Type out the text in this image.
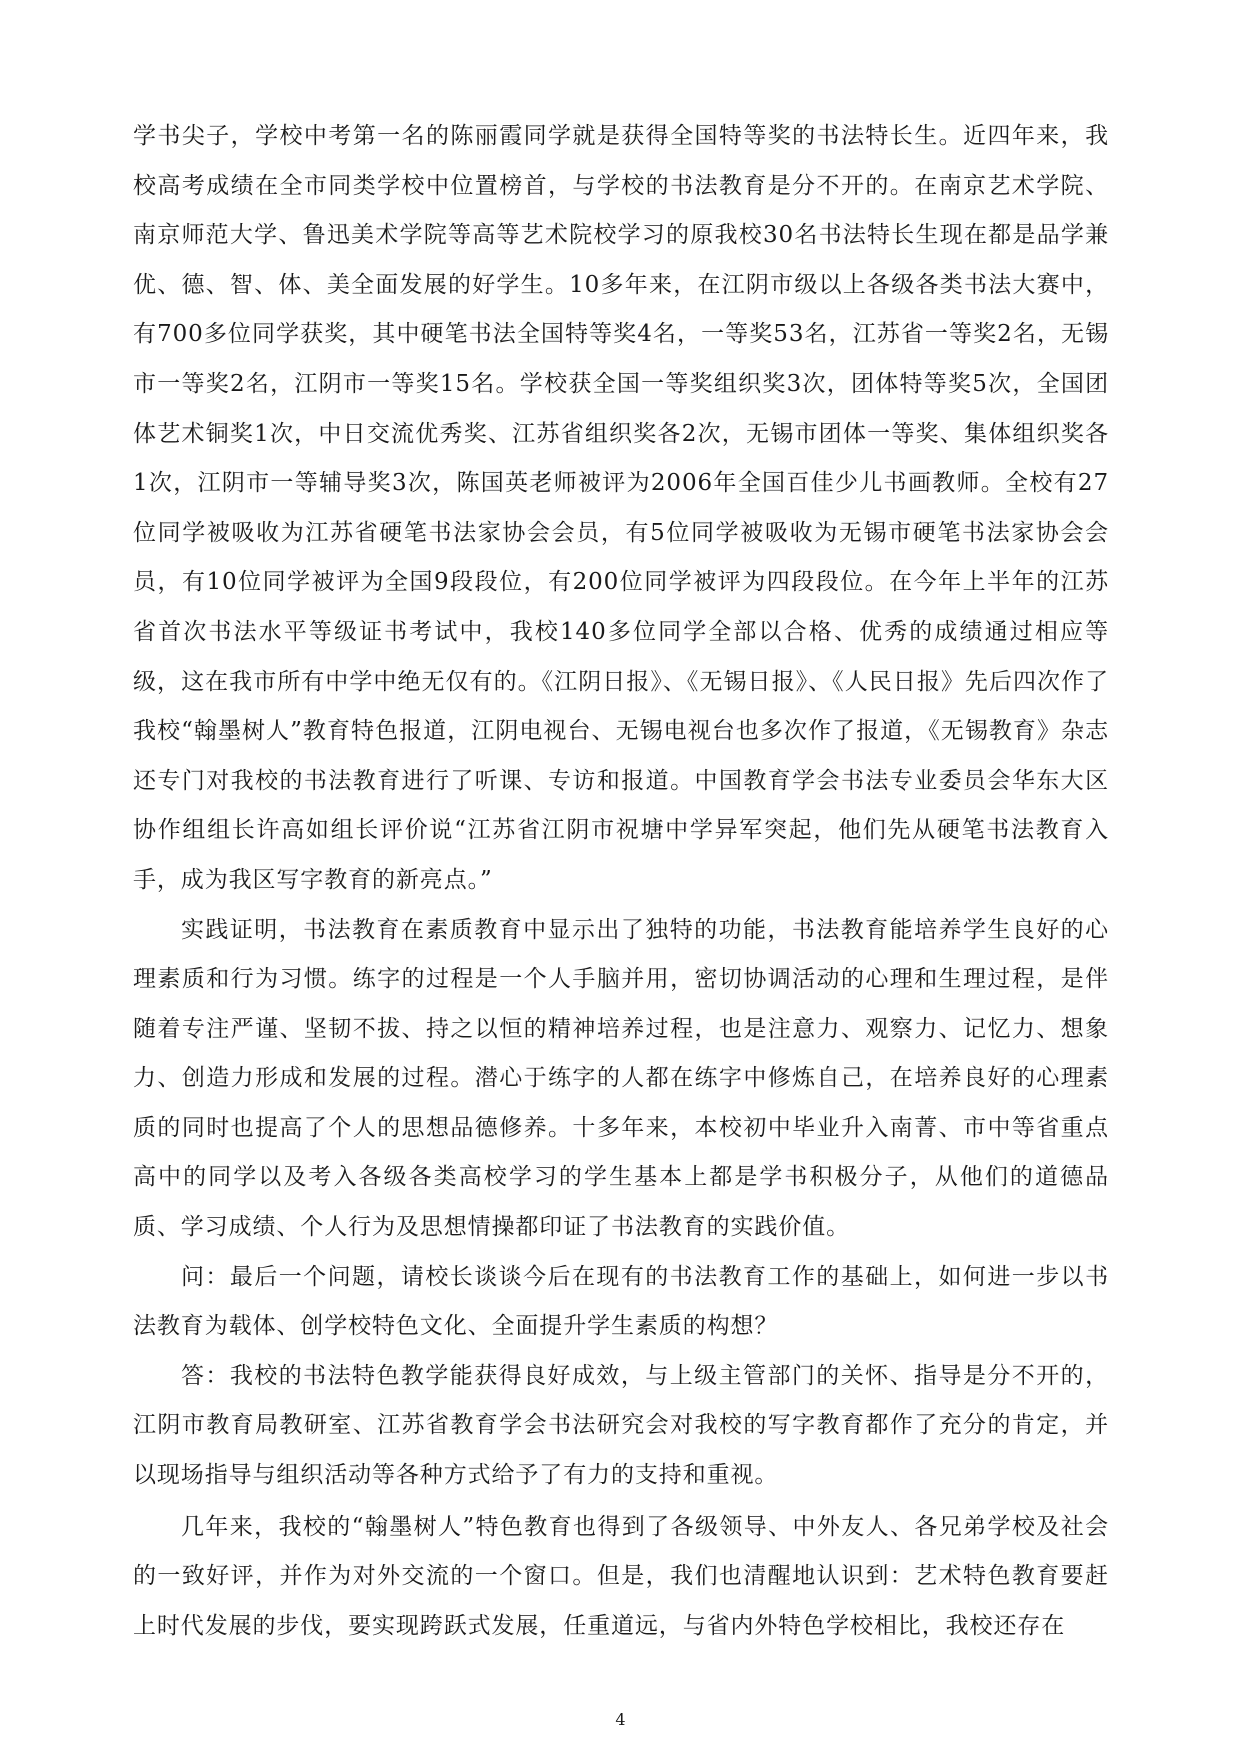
学书尖子，学校中考第一名的陈丽霞同学就是获得全国特等奖的书法特长生。近四年来，我校高考成绩在全市同类学校中位置榜首，与学校的书法教育是分不开的。在南京艺术学院、南京师范大学、鲁迅美术学院等高等艺术院校学习的原我校30名书法特长生现在都是品学兼优、德、智、体、美全面发展的好学生。10多年来，在江阴市级以上各级各类书法大赛中，有700多位同学获奖，其中硬笔书法全国特等奖4名，一等奖53名，江苏省一等奖2名，无锡市一等奖2名，江阴市一等奖15名。学校获全国一等奖组织奖3次，团体特等奖5次，全国团体艺术铜奖1次，中日交流优秀奖、江苏省组织奖各2次，无锡市团体一等奖、集体组织奖各1次，江阴市一等辅导奖3次，陈国英老师被评为2006年全国百佳少儿书画教师。全校有27位同学被吸收为江苏省硬笔书法家协会会员，有5位同学被吸收为无锡市硬笔书法家协会会员，有10位同学被评为全国9段段位，有200位同学被评为四段段位。在今年上半年的江苏省首次书法水平等级证书考试中，我校140多位同学全部以合格、优秀的成绩通过相应等级，这在我市所有中学中绝无仅有的。《江阴日报》、《无锡日报》、《人民日报》先后四次作了我校“翰墨树人”教育特色报道，江阴电视台、无锡电视台也多次作了报道，《无锡教育》杂志还专门对我校的书法教育进行了听课、专访和报道。中国教育学会书法专业委员会华东大区协作组组长许高如组长评价说“江苏省江阴市祝塘中学异军突起，他们先从硬笔书法教育入手，成为我区写字教育的新亮点。”

实践证明，书法教育在素质教育中显示出了独特的功能，书法教育能培养学生良好的心理素质和行为习惯。练字的过程是一个人手脑并用，密切协调活动的心理和生理过程，是伴随着专注严谨、坚韧不拔、持之以恒的精神培养过程，也是注意力、观察力、记忆力、想象力、创造力形成和发展的过程。潜心于练字的人都在练字中修炼自己，在培养良好的心理素质的同时也提高了个人的思想品德修养。十多年来，本校初中毕业升入南菁、市中等省重点高中的同学以及考入各级各类高校学习的学生基本上都是学书积极分子，从他们的道德品质、学习成绩、个人行为及思想情操都印证了书法教育的实践价值。

问：最后一个问题，请校长谈谈今后在现有的书法教育工作的基础上，如何进一步以书法教育为载体、创学校特色文化、全面提升学生素质的构想？

答：我校的书法特色教学能获得良好成效，与上级主管部门的关怀、指导是分不开的，江阴市教育局教研室、江苏省教育学会书法研究会对我校的写字教育都作了充分的肯定，并以现场指导与组织活动等各种方式给予了有力的支持和重视。

几年来，我校的“翰墨树人”特色教育也得到了各级领导、中外友人、各兄弟学校及社会的一致好评，并作为对外交流的一个窗口。但是，我们也清醒地认识到：艺术特色教育要赶上时代发展的步伐，要实现跨跃式发展，任重道远，与省内外特色学校相比，我校还存在

4
